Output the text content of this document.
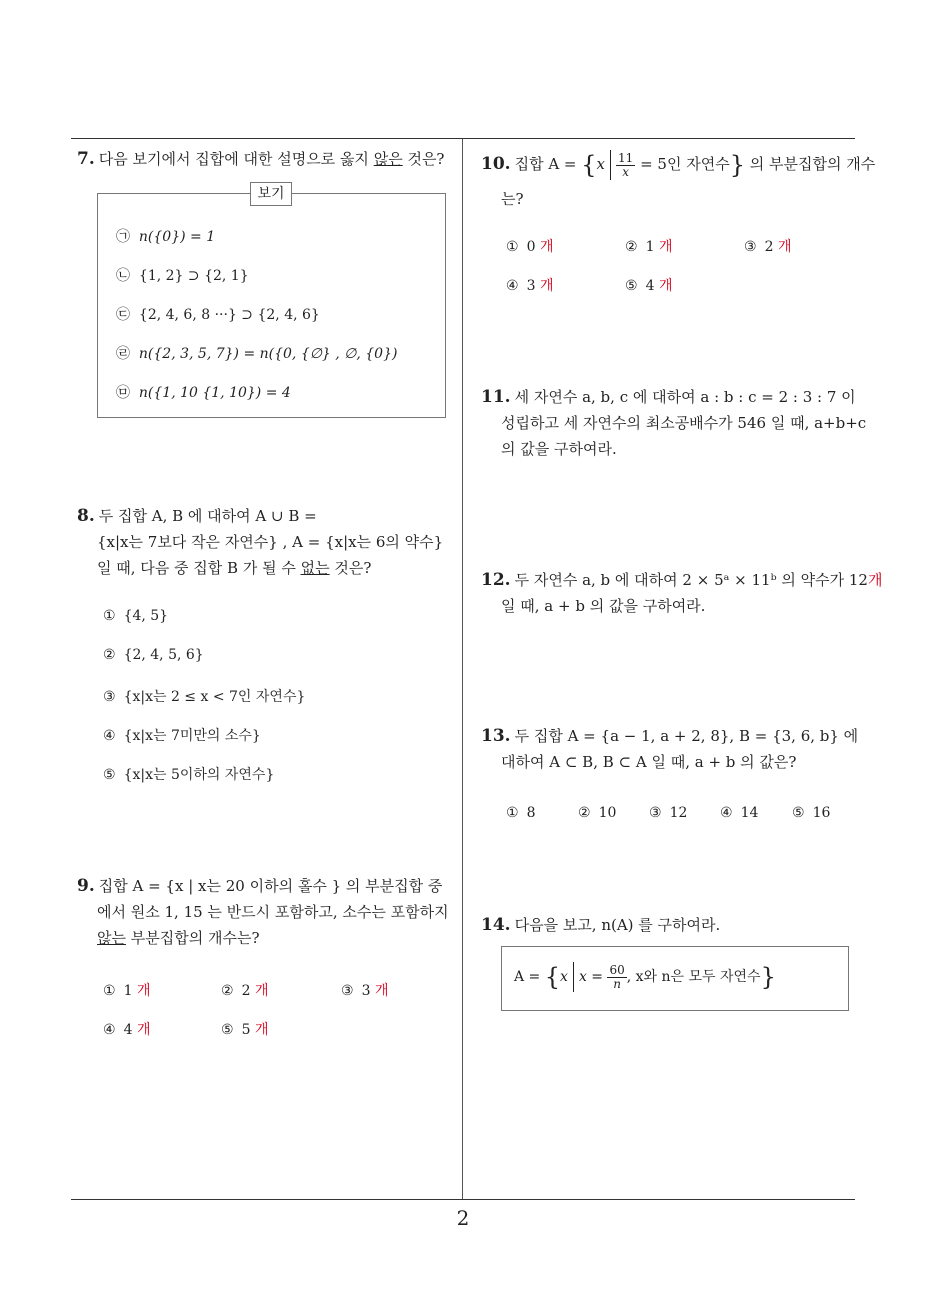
7. 다음 보기에서 집합에 대한 설명으로 옳지 않은 것은?
보기
㉠ n({0}) = 1
㉡ {1, 2} ⊃ {2, 1}
㉢ {2, 4, 6, 8 ···} ⊃ {2, 4, 6}
㉣ n({2, 3, 5, 7}) = n({0, {∅} , ∅, {0})
㉤ n({1, 10 {1, 10}) = 4
8. 두 집합 A, B 에 대하여 A ∪ B =
{x|x는 7보다 작은 자연수} , A = {x|x는 6의 약수}
일 때, 다음 중 집합 B 가 될 수 없는 것은?
① {4, 5}
② {2, 4, 5, 6}
③ {x|x는 2 ≤ x < 7인 자연수}
④ {x|x는 7미만의 소수}
⑤ {x|x는 5이하의 자연수}
9. 집합 A = {x | x는 20 이하의 홀수 } 의 부분집합 중
에서 원소 1, 15 는 반드시 포함하고, 소수는 포함하지
않는 부분집합의 개수는?
① 1 개	② 2 개	③ 3 개
④ 4 개	⑤ 5 개
10. 집합 $A = \{x \frac{11}{x} = 5$인 자연수} 의 부분집합의 개수
는?
① 0 개	② 1 개	③ 2 개
④ 3 개	⑤ 4 개
11. 세 자연수 a, b, c 에 대하여 a : b : c = 2 : 3 : 7 이
성립하고 세 자연수의 최소공배수가 546 일 때, a+b+c
의 값을 구하여라.
12. 두 자연수 a, b 에 대하여 2 × 5ᵃ × 11ᵇ 의 약수가 12개
일 때, a + b 의 값을 구하여라.
13. 두 집합 A = {a − 1, a + 2, 8}, B = {3, 6, b} 에
대하여 A ⊂ B, B ⊂ A 일 때, a + b 의 값은?
① 8	② 10 ③ 12 ④ 14 ⑤ 16
14. 다음을 보고, n(A) 를 구하여라.
A = {x $x = \frac{60}{n}$ , x와 n은 모두 자연수}
2
